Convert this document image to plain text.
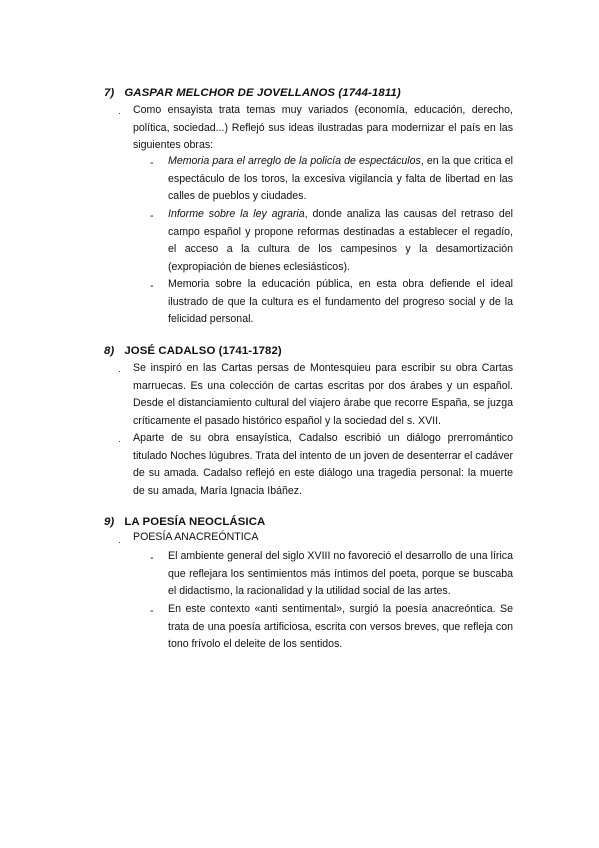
7) GASPAR MELCHOR DE JOVELLANOS (1744-1811)
· Como ensayista trata temas muy variados (economía, educación, derecho, política, sociedad...) Reflejó sus ideas ilustradas para modernizar el país en las siguientes obras:
- Memoria para el arreglo de la policía de espectáculos, en la que critica el espectáculo de los toros, la excesiva vigilancia y falta de libertad en las calles de pueblos y ciudades.
- Informe sobre la ley agraria, donde analiza las causas del retraso del campo español y propone reformas destinadas a establecer el regadío, el acceso a la cultura de los campesinos y la desamortización (expropiación de bienes eclesiásticos).
- Memoria sobre la educación pública, en esta obra defiende el ideal ilustrado de que la cultura es el fundamento del progreso social y de la felicidad personal.
8) JOSÉ CADALSO (1741-1782)
· Se inspiró en las Cartas persas de Montesquieu para escribir su obra Cartas marruecas. Es una colección de cartas escritas por dos árabes y un español. Desde el distanciamiento cultural del viajero árabe que recorre España, se juzga críticamente el pasado histórico español y la sociedad del s. XVII.
· Aparte de su obra ensayística, Cadalso escribió un diálogo prerromántico titulado Noches lúgubres. Trata del intento de un joven de desenterrar el cadáver de su amada. Cadalso reflejó en este diálogo una tragedia personal: la muerte de su amada, María Ignacia Ibáñez.
9) LA POESÍA NEOCLÁSICA
· POESÍA ANACREÓNTICA
- El ambiente general del siglo XVIII no favoreció el desarrollo de una lírica que reflejara los sentimientos más íntimos del poeta, porque se buscaba el didactismo, la racionalidad y la utilidad social de las artes.
- En este contexto «anti sentimental», surgió la poesía anacreóntica. Se trata de una poesía artificiosa, escrita con versos breves, que refleja con tono frívolo el deleite de los sentidos.
